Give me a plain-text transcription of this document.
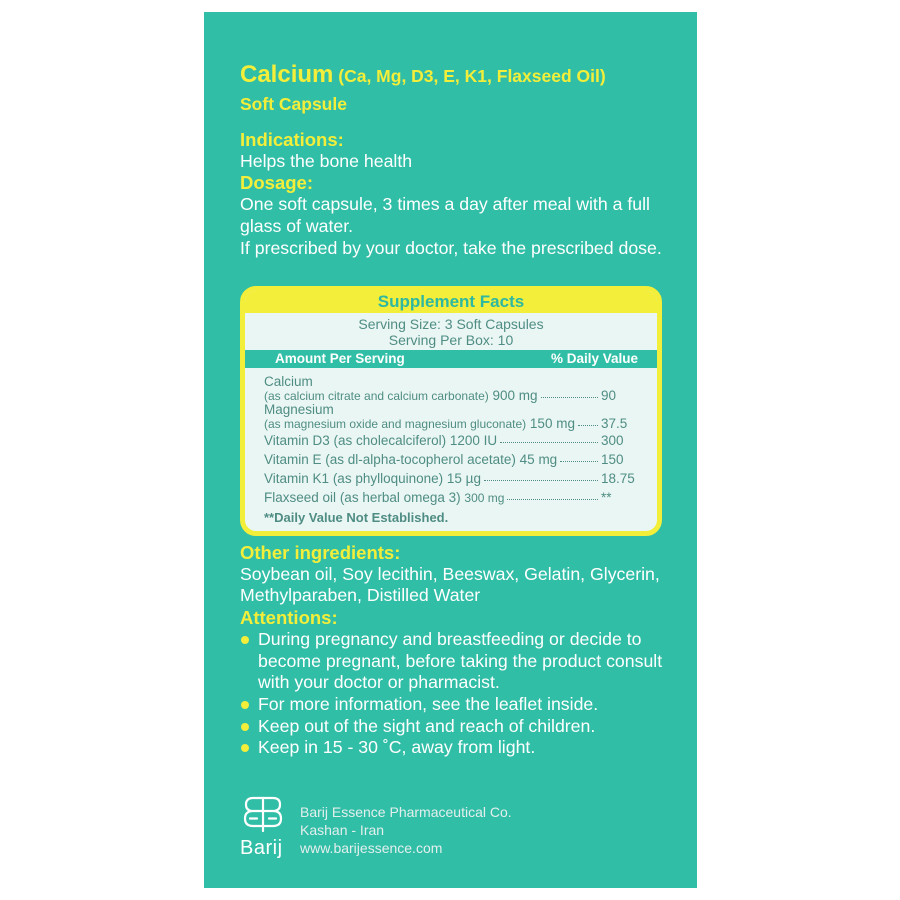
Calcium (Ca, Mg, D3, E, K1, Flaxseed Oil)
Soft Capsule
Indications:
Helps the bone health
Dosage:
One soft capsule, 3 times a day after meal with a full
glass of water.
If prescribed by your doctor, take the prescribed dose.
Supplement Facts
Serving Size: 3 Soft Capsules
Serving Per Box: 10
Amount Per Serving	% Daily Value
Calcium
(as calcium citrate and calcium carbonate) 900 mg	90
Magnesium
(as magnesium oxide and magnesium gluconate) 150 mg 37.5
Vitamin D3 (as cholecalciferol) 1200 IU	300
Vitamin E (as dl-alpha-tocopherol acetate) 45 mg	150
Vitamin K1 (as phylloquinone) 15 µg	18.75
Flaxseed oil (as herbal omega 3) 300 mg	**
**Daily Value Not Established.
Other ingredients:
Soybean oil, Soy lecithin, Beeswax, Gelatin, Glycerin,
Methylparaben, Distilled Water
Attentions:
During pregnancy and breastfeeding or decide to
become pregnant, before taking the product consult
with your doctor or pharmacist.
For more information, see the leaflet inside.
Keep out of the sight and reach of children.
Keep in 15 - 30 ˚C, away from light.
Barij
Barij Essence Pharmaceutical Co.
Kashan - Iran
www.barijessence.com
